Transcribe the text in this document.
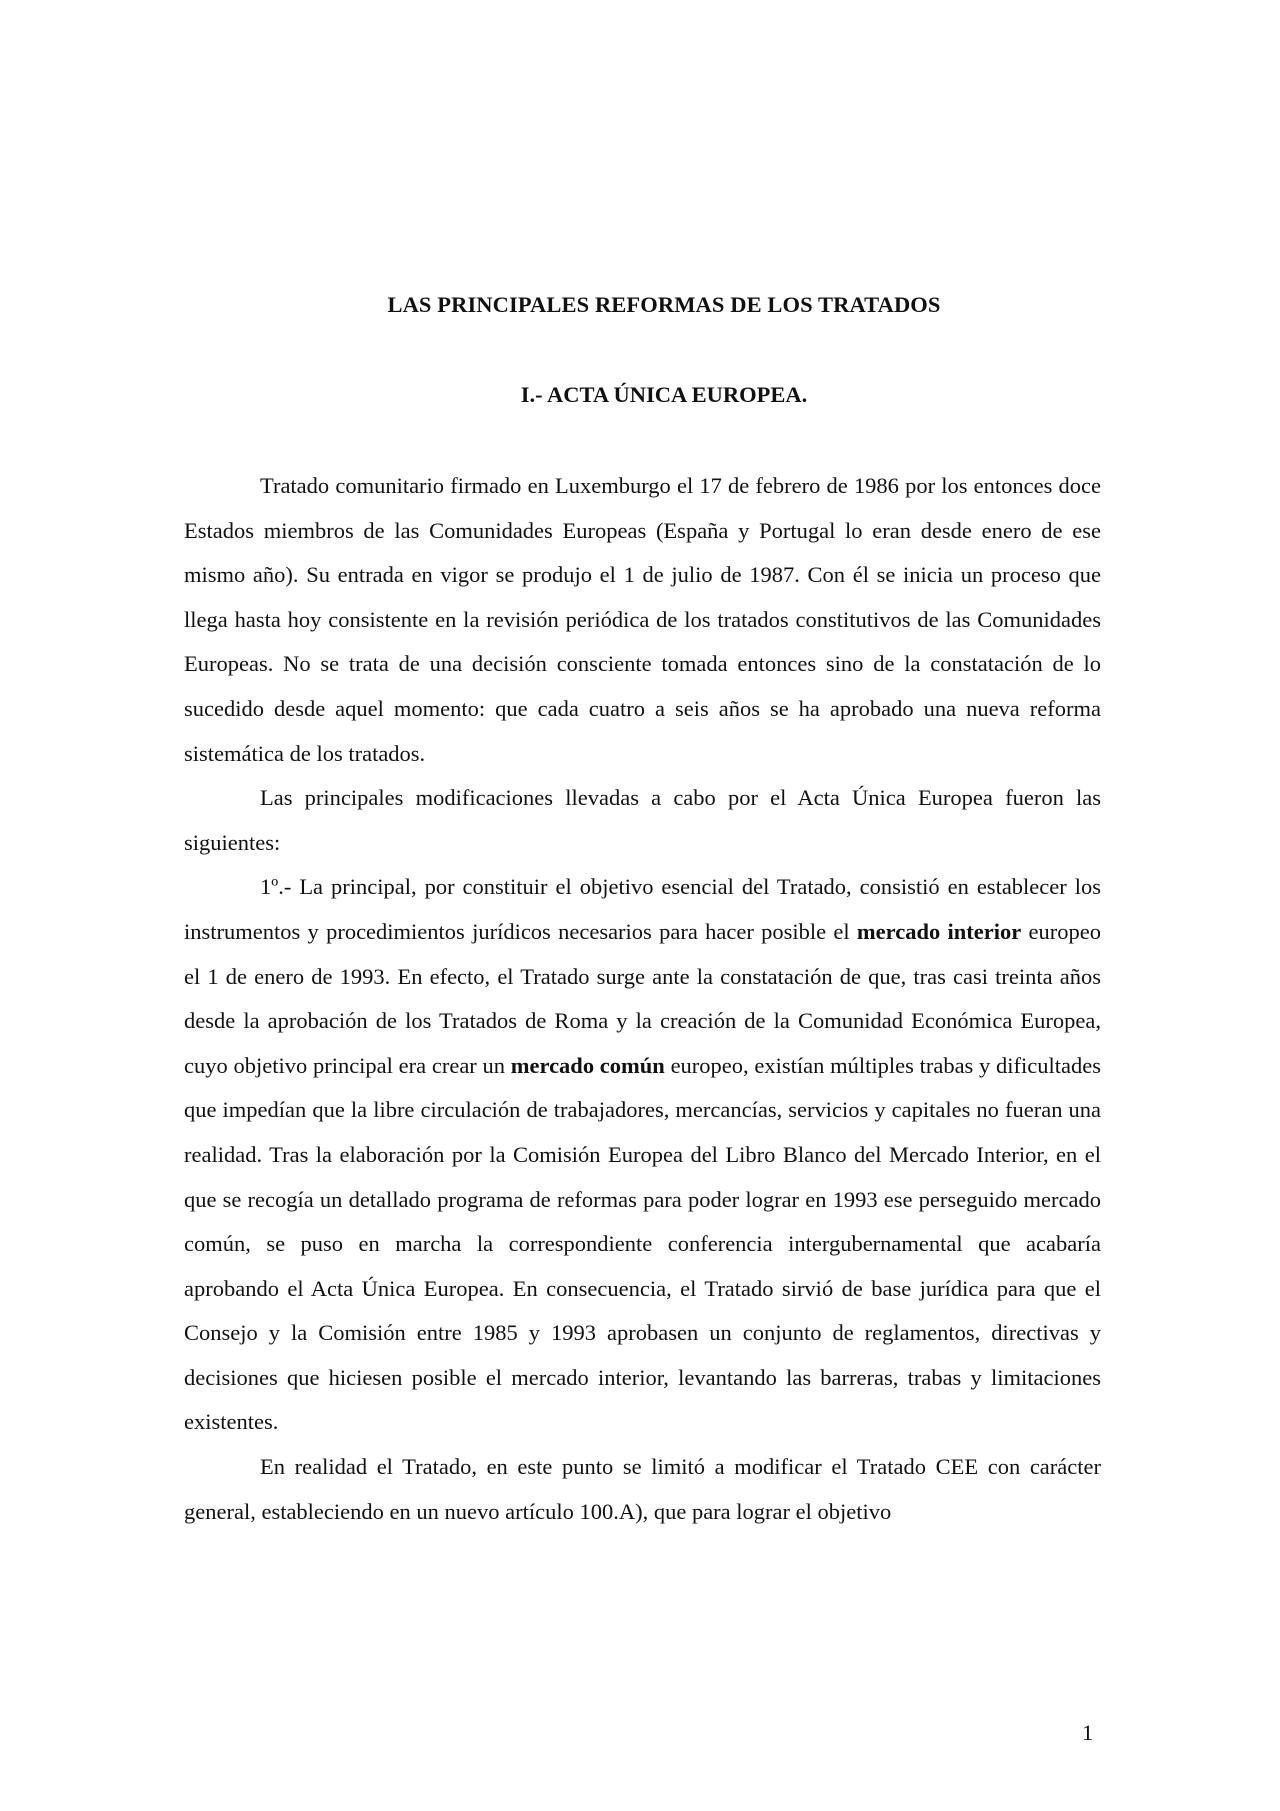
LAS PRINCIPALES REFORMAS DE LOS TRATADOS
I.- ACTA ÚNICA EUROPEA.

Tratado comunitario firmado en Luxemburgo el 17 de febrero de 1986 por los entonces doce Estados miembros de las Comunidades Europeas (España y Portugal lo eran desde enero de ese mismo año). Su entrada en vigor se produjo el 1 de julio de 1987. Con él se inicia un proceso que llega hasta hoy consistente en la revisión periódica de los tratados constitutivos de las Comunidades Europeas. No se trata de una decisión consciente tomada entonces sino de la constatación de lo sucedido desde aquel momento: que cada cuatro a seis años se ha aprobado una nueva reforma sistemática de los tratados.

Las principales modificaciones llevadas a cabo por el Acta Única Europea fueron las siguientes:

1º.- La principal, por constituir el objetivo esencial del Tratado, consistió en establecer los instrumentos y procedimientos jurídicos necesarios para hacer posible el mercado interior europeo el 1 de enero de 1993. En efecto, el Tratado surge ante la constatación de que, tras casi treinta años desde la aprobación de los Tratados de Roma y la creación de la Comunidad Económica Europea, cuyo objetivo principal era crear un mercado común europeo, existían múltiples trabas y dificultades que impedían que la libre circulación de trabajadores, mercancías, servicios y capitales no fueran una realidad. Tras la elaboración por la Comisión Europea del Libro Blanco del Mercado Interior, en el que se recogía un detallado programa de reformas para poder lograr en 1993 ese perseguido mercado común, se puso en marcha la correspondiente conferencia intergubernamental que acabaría aprobando el Acta Única Europea. En consecuencia, el Tratado sirvió de base jurídica para que el Consejo y la Comisión entre 1985 y 1993 aprobasen un conjunto de reglamentos, directivas y decisiones que hiciesen posible el mercado interior, levantando las barreras, trabas y limitaciones existentes.

En realidad el Tratado, en este punto se limitó a modificar el Tratado CEE con carácter general, estableciendo en un nuevo artículo 100.A), que para lograr el objetivo

1
